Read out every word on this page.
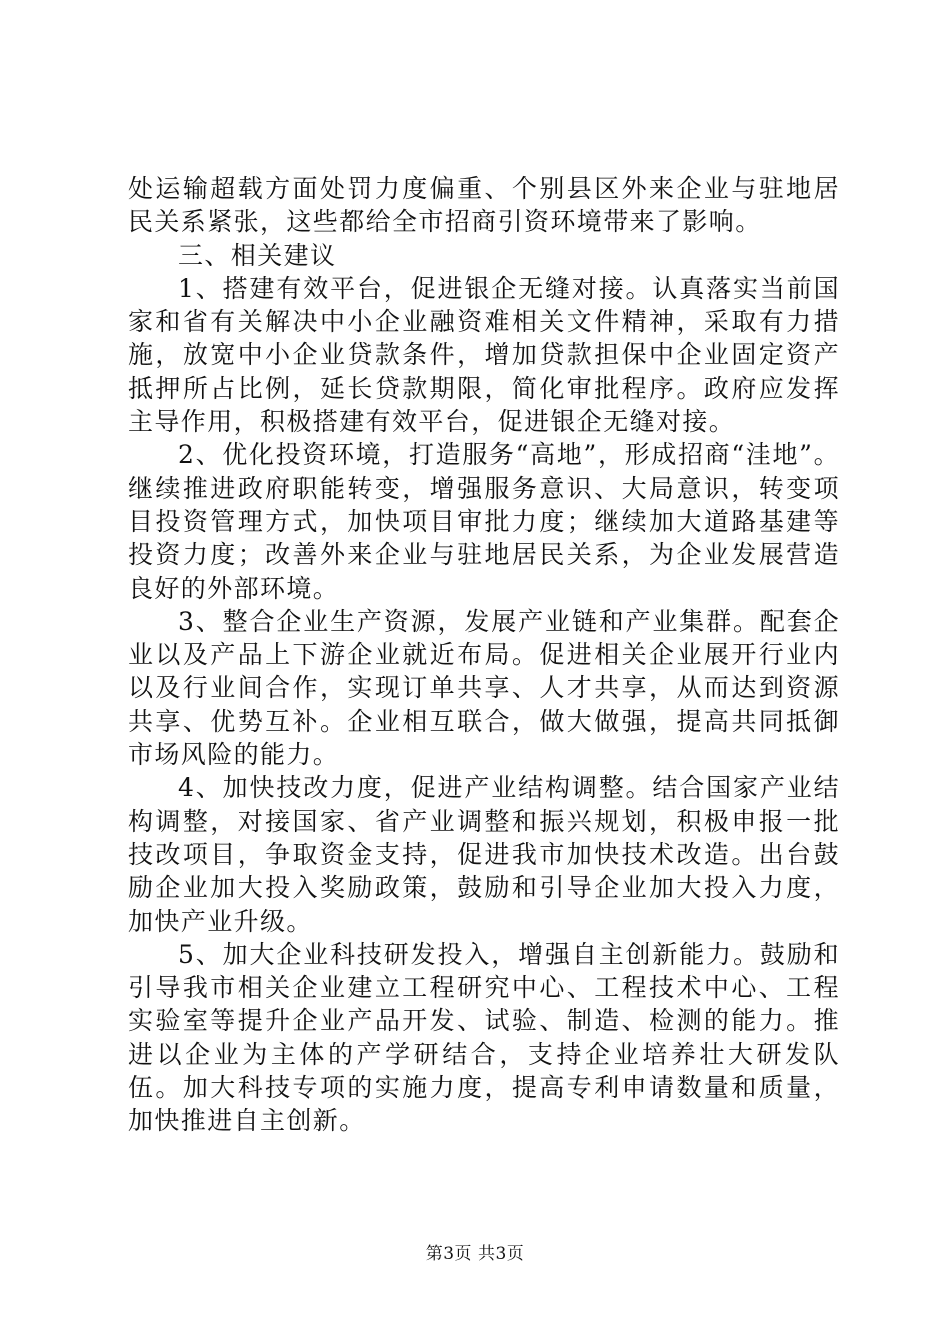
处运输超载方面处罚力度偏重、个别县区外来企业与驻地居民关系紧张，这些都给全市招商引资环境带来了影响。

三、相关建议

1、搭建有效平台，促进银企无缝对接。认真落实当前国家和省有关解决中小企业融资难相关文件精神，采取有力措施，放宽中小企业贷款条件，增加贷款担保中企业固定资产抵押所占比例，延长贷款期限，简化审批程序。政府应发挥主导作用，积极搭建有效平台，促进银企无缝对接。

2、优化投资环境，打造服务“高地”，形成招商“洼地”。继续推进政府职能转变，增强服务意识、大局意识，转变项目投资管理方式，加快项目审批力度；继续加大道路基建等投资力度；改善外来企业与驻地居民关系，为企业发展营造良好的外部环境。

3、整合企业生产资源，发展产业链和产业集群。配套企业以及产品上下游企业就近布局。促进相关企业展开行业内以及行业间合作，实现订单共享、人才共享，从而达到资源共享、优势互补。企业相互联合，做大做强，提高共同抵御市场风险的能力。

4、加快技改力度，促进产业结构调整。结合国家产业结构调整，对接国家、省产业调整和振兴规划，积极申报一批技改项目，争取资金支持，促进我市加快技术改造。出台鼓励企业加大投入奖励政策，鼓励和引导企业加大投入力度，加快产业升级。

5、加大企业科技研发投入，增强自主创新能力。鼓励和引导我市相关企业建立工程研究中心、工程技术中心、工程实验室等提升企业产品开发、试验、制造、检测的能力。推进以企业为主体的产学研结合，支持企业培养壮大研发队伍。加大科技专项的实施力度，提高专利申请数量和质量，加快推进自主创新。

第3页 共3页
